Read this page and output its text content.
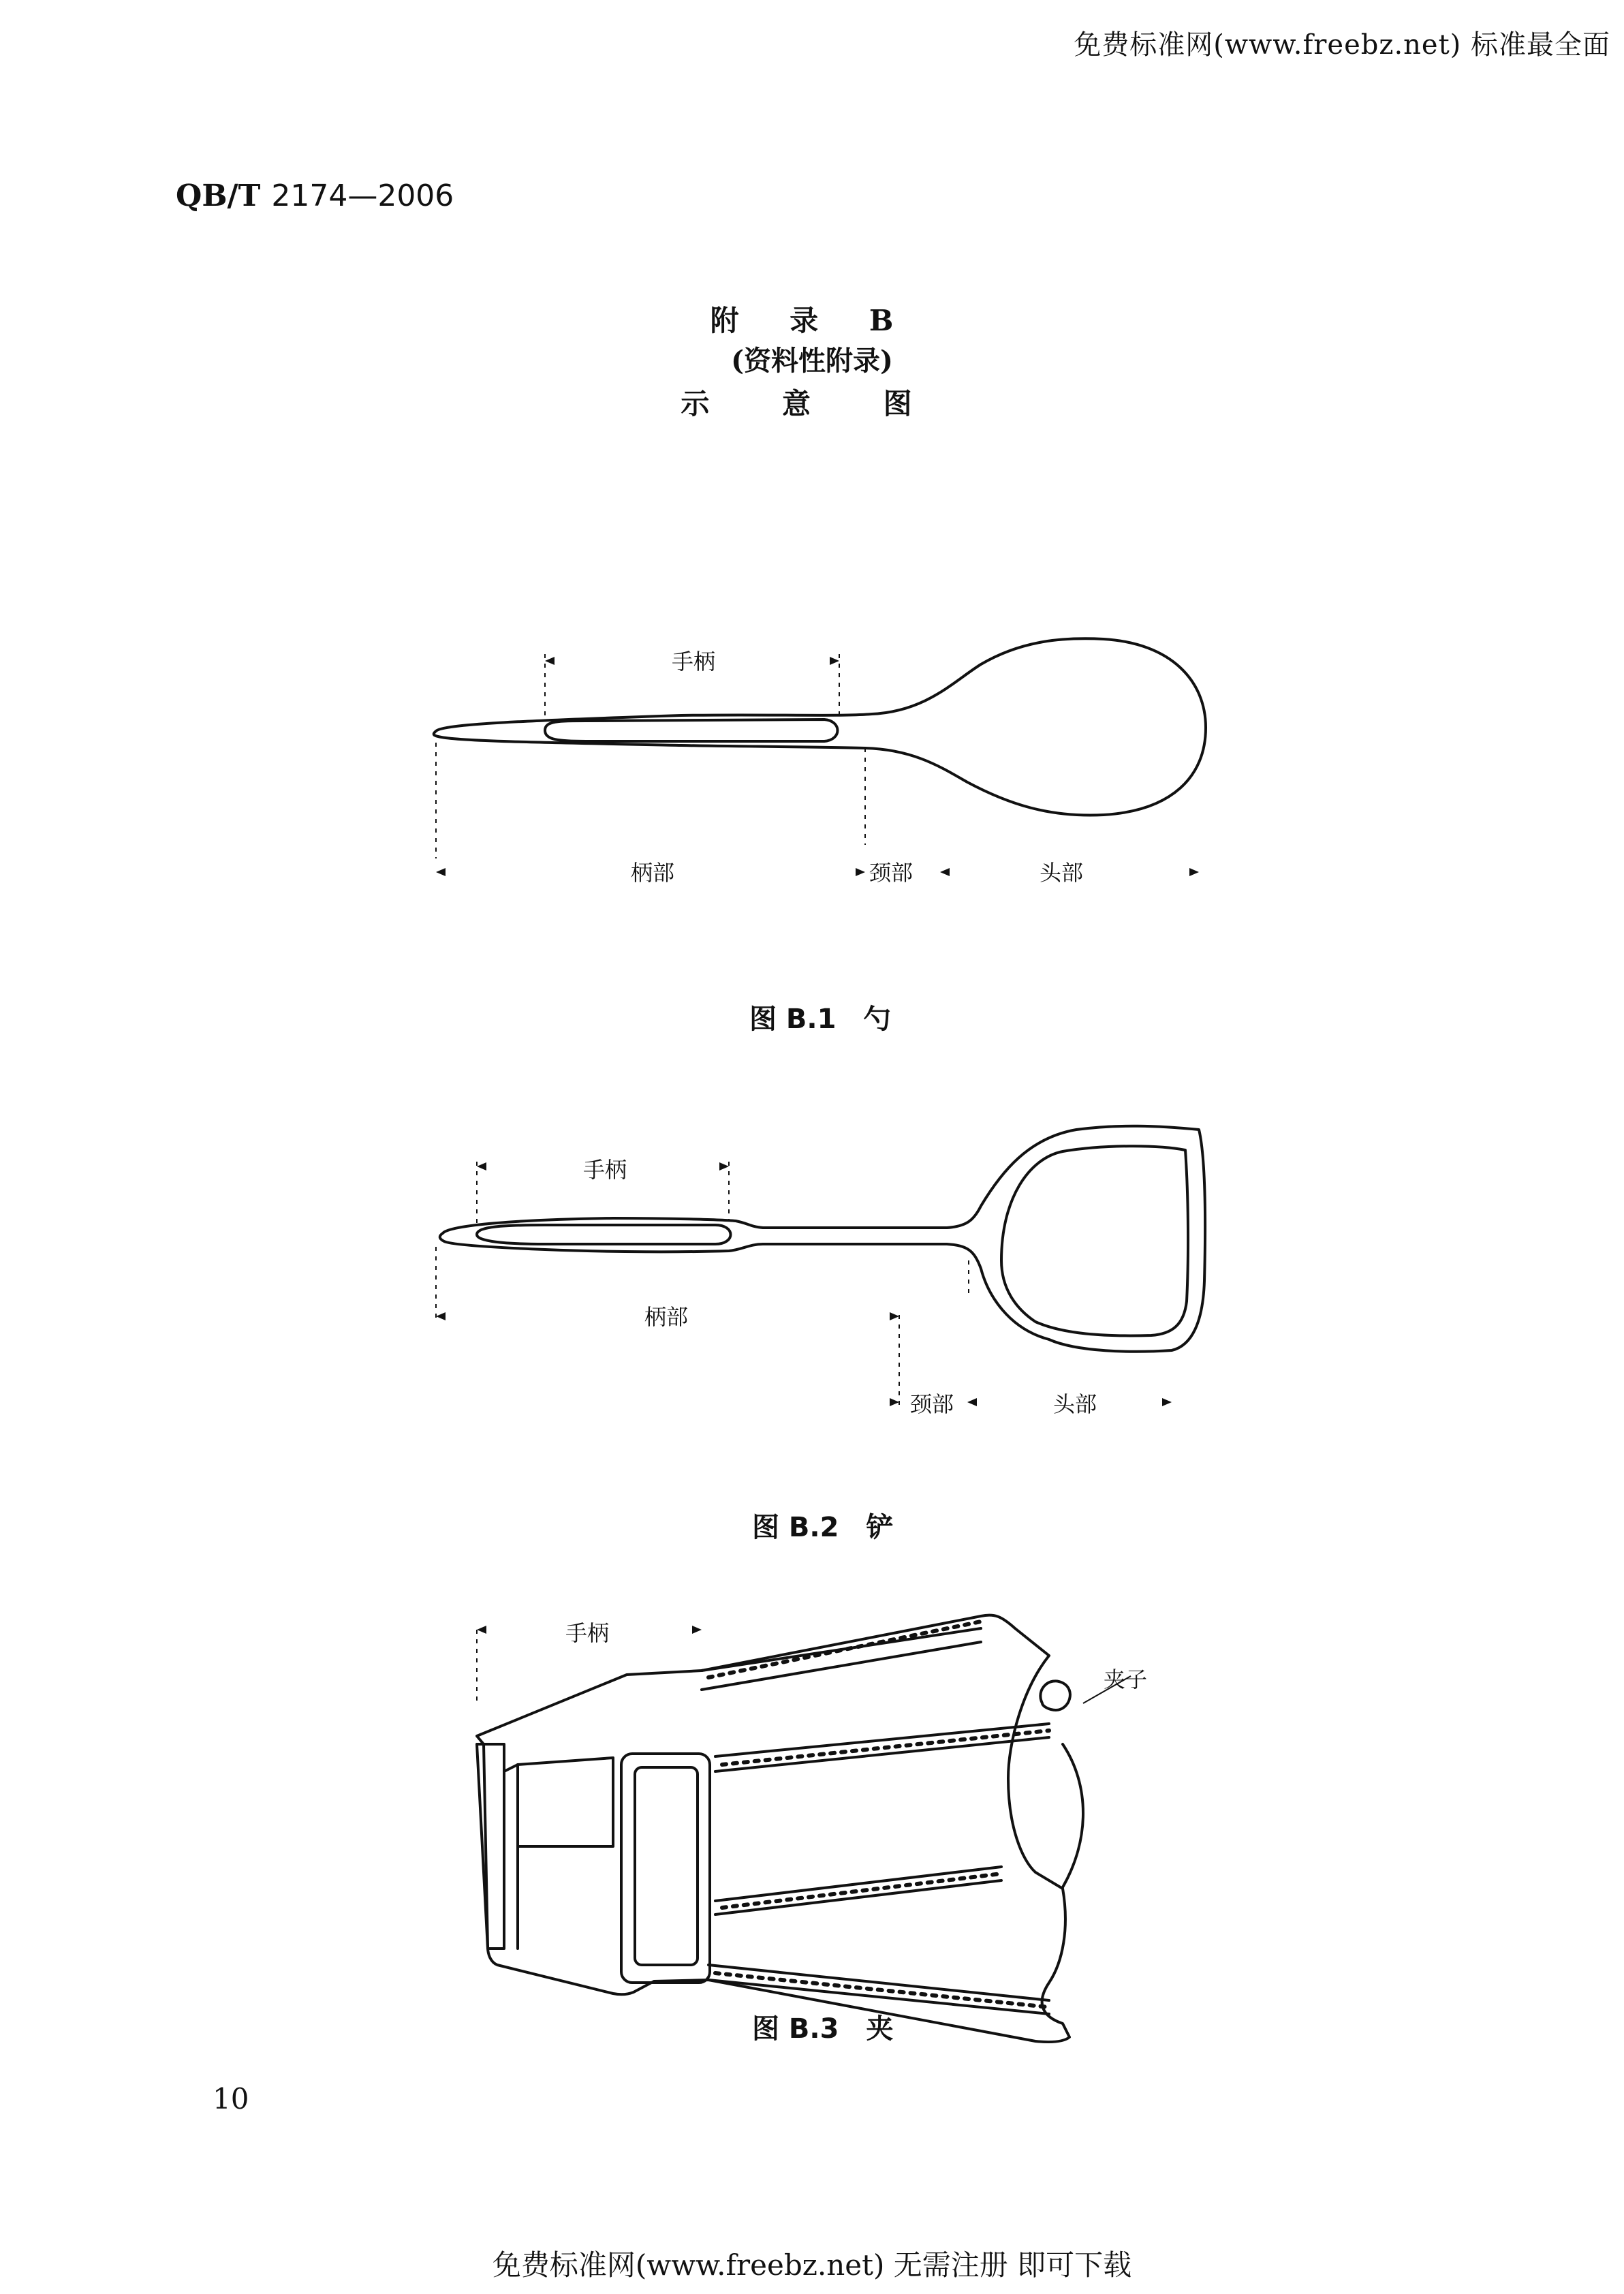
免费标准网(www.freebz.net) 标准最全面
QB/T 2174—2006
附 录 B
(资料性附录)
示 意 图
手柄
柄部	颈部	头部
图 B.1　勺
手柄
柄部
颈部	头部
图 B.2　铲
手柄
夹子
图 B.3　夹
10
免费标准网(www.freebz.net) 无需注册 即可下载
